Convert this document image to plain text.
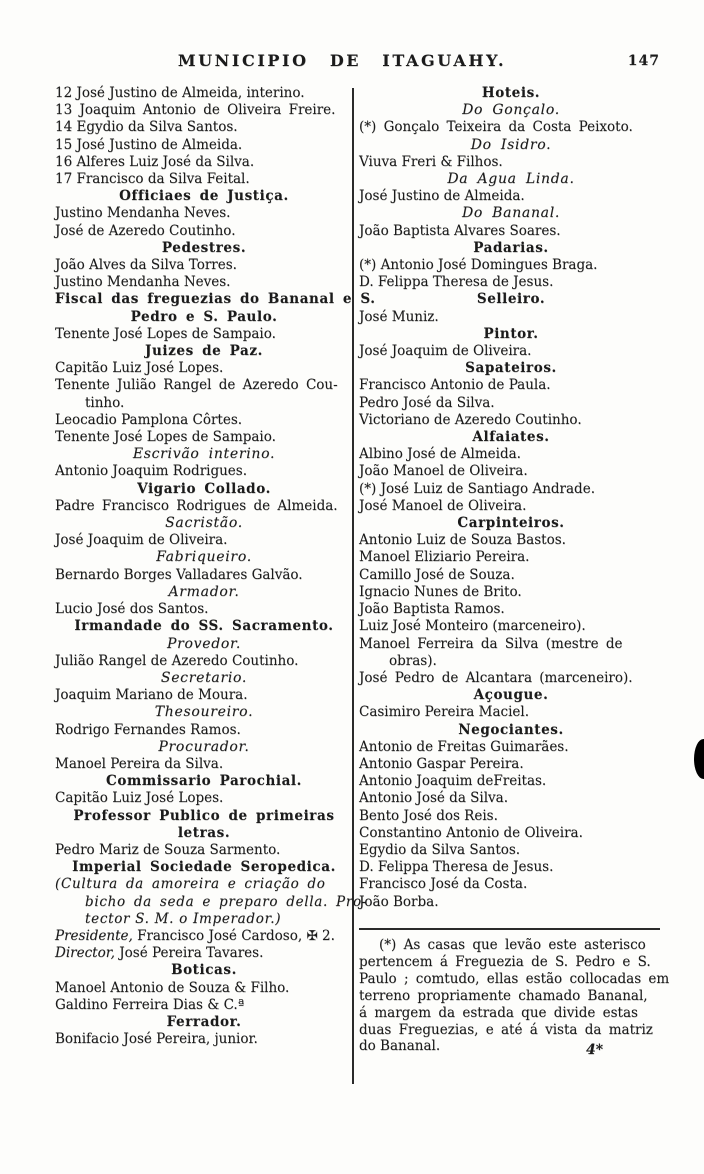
MUNICIPIO DE ITAGUAHY.	147
12 José Justino de Almeida, interino.
13 Joaquim Antonio de Oliveira Freire.
14 Egydio da Silva Santos.
15 José Justino de Almeida.
16 Alferes Luiz José da Silva.
17 Francisco da Silva Feital.
Officiaes de Justiça.
Justino Mendanha Neves.
José de Azeredo Coutinho.
Pedestres.
João Alves da Silva Torres.
Justino Mendanha Neves.
Fiscal das freguezias do Bananal e S.
Pedro e S. Paulo.
Tenente José Lopes de Sampaio.
Juizes de Paz.
Capitão Luiz José Lopes.
Tenente Julião Rangel de Azeredo Cou-
tinho.
Leocadio Pamplona Côrtes.
Tenente José Lopes de Sampaio.
Escrivão interino.
Antonio Joaquim Rodrigues.
Vigario Collado.
Padre Francisco Rodrigues de Almeida.
Sacristão.
José Joaquim de Oliveira.
Fabriqueiro.
Bernardo Borges Valladares Galvão.
Armador.
Lucio José dos Santos.
Irmandade do SS. Sacramento.
Provedor.
Julião Rangel de Azeredo Coutinho.
Secretario.
Joaquim Mariano de Moura.
Thesoureiro.
Rodrigo Fernandes Ramos.
Procurador.
Manoel Pereira da Silva.
Commissario Parochial.
Capitão Luiz José Lopes.
Professor Publico de primeiras
letras.
Pedro Mariz de Souza Sarmento.
Imperial Sociedade Seropedica.
(Cultura da amoreira e criação do
bicho da seda e preparo della. Pro-
tector S. M. o Imperador.)
Presidente, Francisco José Cardoso, ✠ 2.
Director, José Pereira Tavares.
Boticas.
Manoel Antonio de Souza & Filho.
Galdino Ferreira Dias & C.ª
Ferrador.
Bonifacio José Pereira, junior.
Hoteis.
Do Gonçalo.
(*) Gonçalo Teixeira da Costa Peixoto.
Do Isidro.
Viuva Freri & Filhos.
Da Agua Linda.
José Justino de Almeida.
Do Bananal.
João Baptista Alvares Soares.
Padarias.
(*) Antonio José Domingues Braga.
D. Felippa Theresa de Jesus.
Selleiro.
José Muniz.
Pintor.
José Joaquim de Oliveira.
Sapateiros.
Francisco Antonio de Paula.
Pedro José da Silva.
Victoriano de Azeredo Coutinho.
Alfaiates.
Albino José de Almeida.
João Manoel de Oliveira.
(*) José Luiz de Santiago Andrade.
José Manoel de Oliveira.
Carpinteiros.
Antonio Luiz de Souza Bastos.
Manoel Eliziario Pereira.
Camillo José de Souza.
Ignacio Nunes de Brito.
João Baptista Ramos.
Luiz José Monteiro (marceneiro).
Manoel Ferreira da Silva (mestre de
obras).
José Pedro de Alcantara (marceneiro).
Açougue.
Casimiro Pereira Maciel.
Negociantes.
Antonio de Freitas Guimarães.
Antonio Gaspar Pereira.
Antonio Joaquim deFreitas.
Antonio José da Silva.
Bento José dos Reis.
Constantino Antonio de Oliveira.
Egydio da Silva Santos.
D. Felippa Theresa de Jesus.
Francisco José da Costa.
João Borba.
(*) As casas que levão este asterisco
pertencem á Freguezia de S. Pedro e S.
Paulo ; comtudo, ellas estão collocadas em
terreno propriamente chamado Bananal,
á margem da estrada que divide estas
duas Freguezias, e até á vista da matriz
do Bananal.	4*
